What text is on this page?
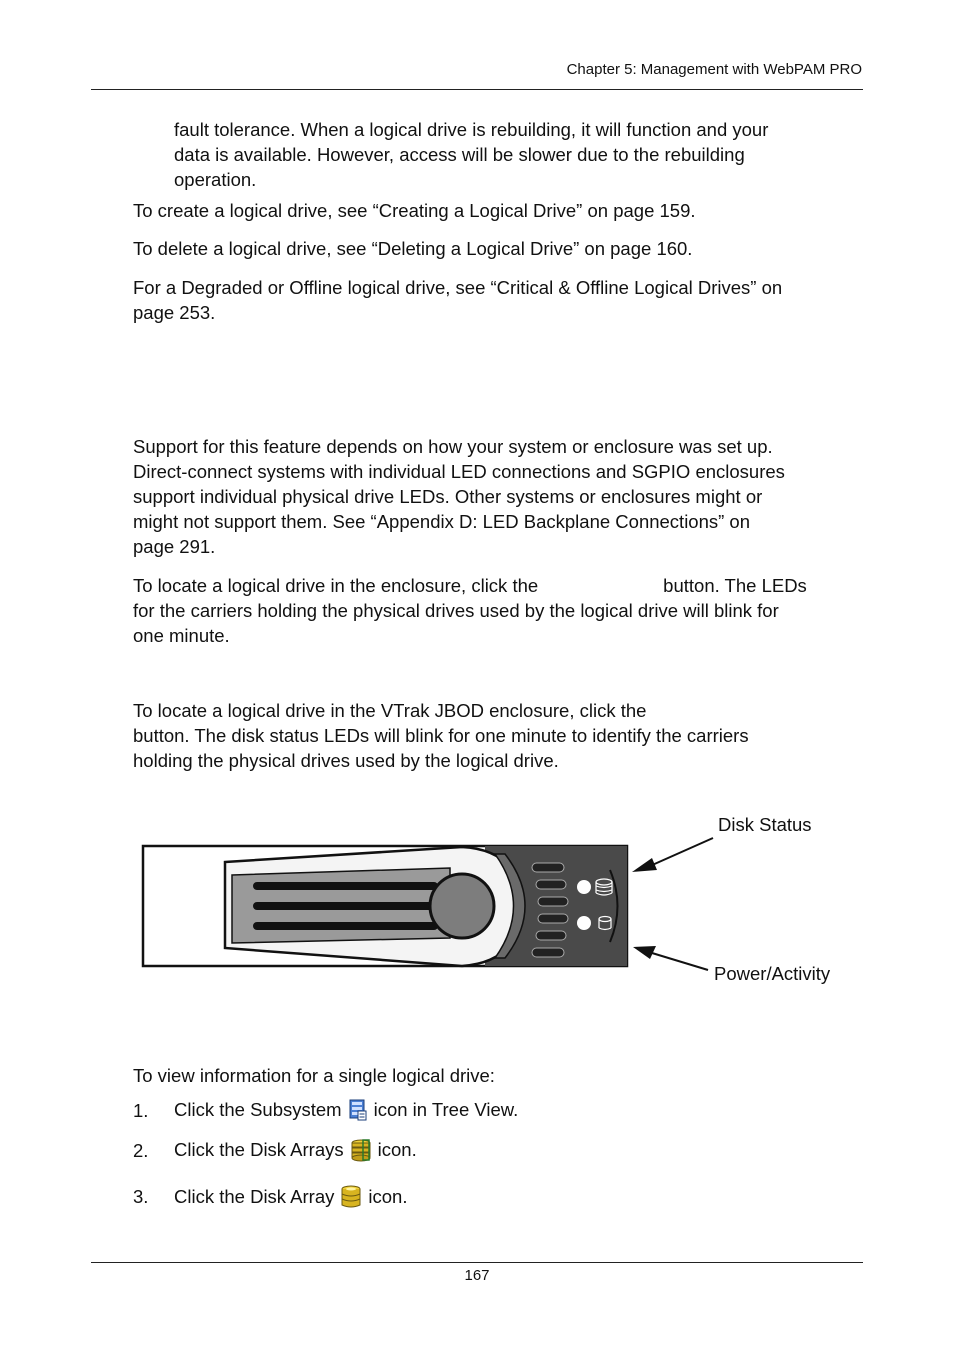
Chapter 5: Management with WebPAM PRO

fault tolerance. When a logical drive is rebuilding, it will function and your
data is available. However, access will be slower due to the rebuilding
operation.

To create a logical drive, see “Creating a Logical Drive” on page 159.

To delete a logical drive, see “Deleting a Logical Drive” on page 160.

For a Degraded or Offline logical drive, see “Critical & Offline Logical Drives” on
page 253.

Support for this feature depends on how your system or enclosure was set up.
Direct-connect systems with individual LED connections and SGPIO enclosures
support individual physical drive LEDs. Other systems or enclosures might or
might not support them. See “Appendix D: LED Backplane Connections” on
page 291.

To locate a logical drive in the enclosure, click the	button. The LEDs
for the carriers holding the physical drives used by the logical drive will blink for
one minute.

To locate a logical drive in the VTrak JBOD enclosure, click the
button. The disk status LEDs will blink for one minute to identify the carriers
holding the physical drives used by the logical drive.

Disk Status
Power/Activity

To view information for a single logical drive:

1. Click the Subsystem icon in Tree View.
2. Click the Disk Arrays icon.
3. Click the Disk Array icon.
167
